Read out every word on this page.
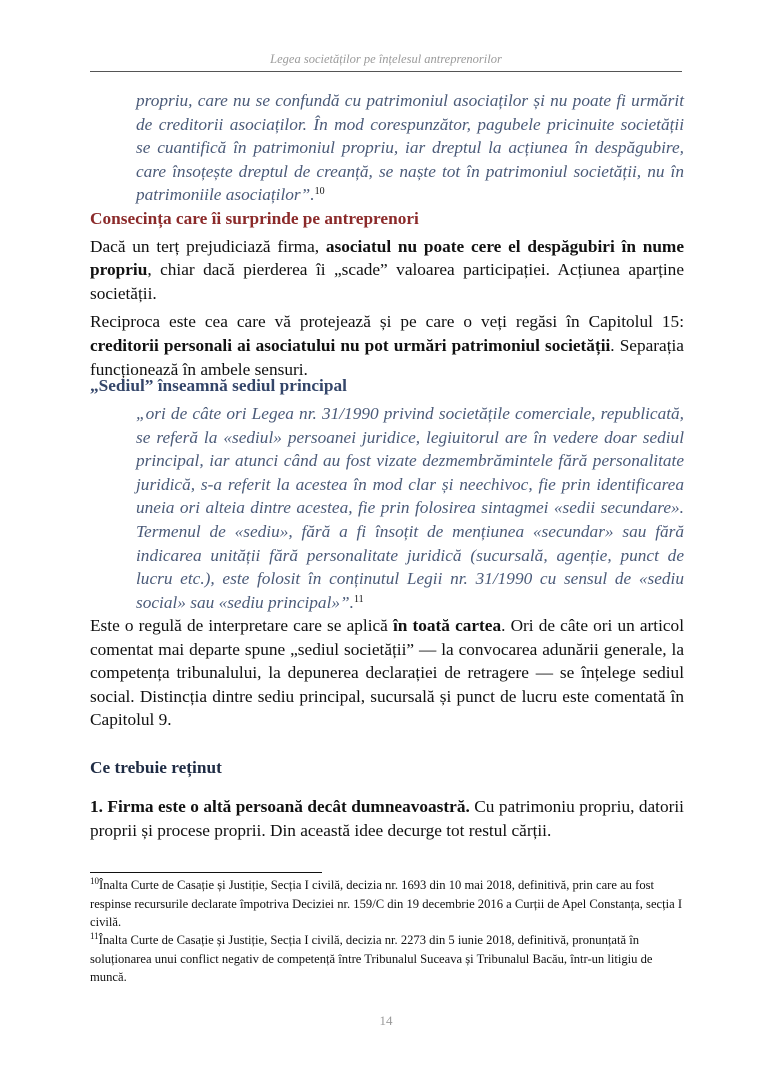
Legea societăților pe înțelesul antreprenorilor
propriu, care nu se confundă cu patrimoniul asociaților și nu poate fi urmărit de creditorii asociaților. În mod corespunzător, pagubele pricinuite societății se cuantifică în patrimoniul propriu, iar dreptul la acțiunea în despăgubire, care însoțește dreptul de creanță, se naște tot în patrimoniul societății, nu în patrimoniile asociaților”.$^{10}$
Consecința care îi surprinde pe antreprenori
Dacă un terț prejudiciază firma, asociatul nu poate cere el despăgubiri în nume propriu, chiar dacă pierderea îi „scade” valoarea participației. Acțiunea aparține societății.
Reciproca este cea care vă protejează și pe care o veți regăsi în Capitolul 15: creditorii personali ai asociatului nu pot urmări patrimoniul societății. Separația funcționează în ambele sensuri.
„Sediul” înseamnă sediul principal
„ori de câte ori Legea nr. 31/1990 privind societățile comerciale, republicată, se referă la «sediul» persoanei juridice, legiuitorul are în vedere doar sediul principal, iar atunci când au fost vizate dezmembrămintele fără personalitate juridică, s-a referit la acestea în mod clar și neechivoc, fie prin identificarea uneia ori alteia dintre acestea, fie prin folosirea sintagmei «sedii secundare». Termenul de «sediu», fără a fi însoțit de mențiunea «secundar» sau fără indicarea unității fără personalitate juridică (sucursală, agenție, punct de lucru etc.), este folosit în conținutul Legii nr. 31/1990 cu sensul de «sediu social» sau «sediu principal»”.$^{11}$
Este o regulă de interpretare care se aplică în toată cartea. Ori de câte ori un articol comentat mai departe spune „sediul societății” — la convocarea adunării generale, la competența tribunalului, la depunerea declarației de retragere — se înțelege sediul social. Distincția dintre sediu principal, sucursală și punct de lucru este comentată în Capitolul 9.
Ce trebuie reținut
1. Firma este o altă persoană decât dumneavoastră. Cu patrimoniu propriu, datorii proprii și procese proprii. Din această idee decurge tot restul cărții.
$^{10}$Înalta Curte de Casație și Justiție, Secția I civilă, decizia nr. 1693 din 10 mai 2018, definitivă, prin care au fost respinse recursurile declarate împotriva Deciziei nr. 159/C din 19 decembrie 2016 a Curții de Apel Constanța, secția I civilă.
$^{11}$Înalta Curte de Casație și Justiție, Secția I civilă, decizia nr. 2273 din 5 iunie 2018, definitivă, pronunțată în soluționarea unui conflict negativ de competență între Tribunalul Suceava și Tribunalul Bacău, într-un litigiu de muncă.
14
